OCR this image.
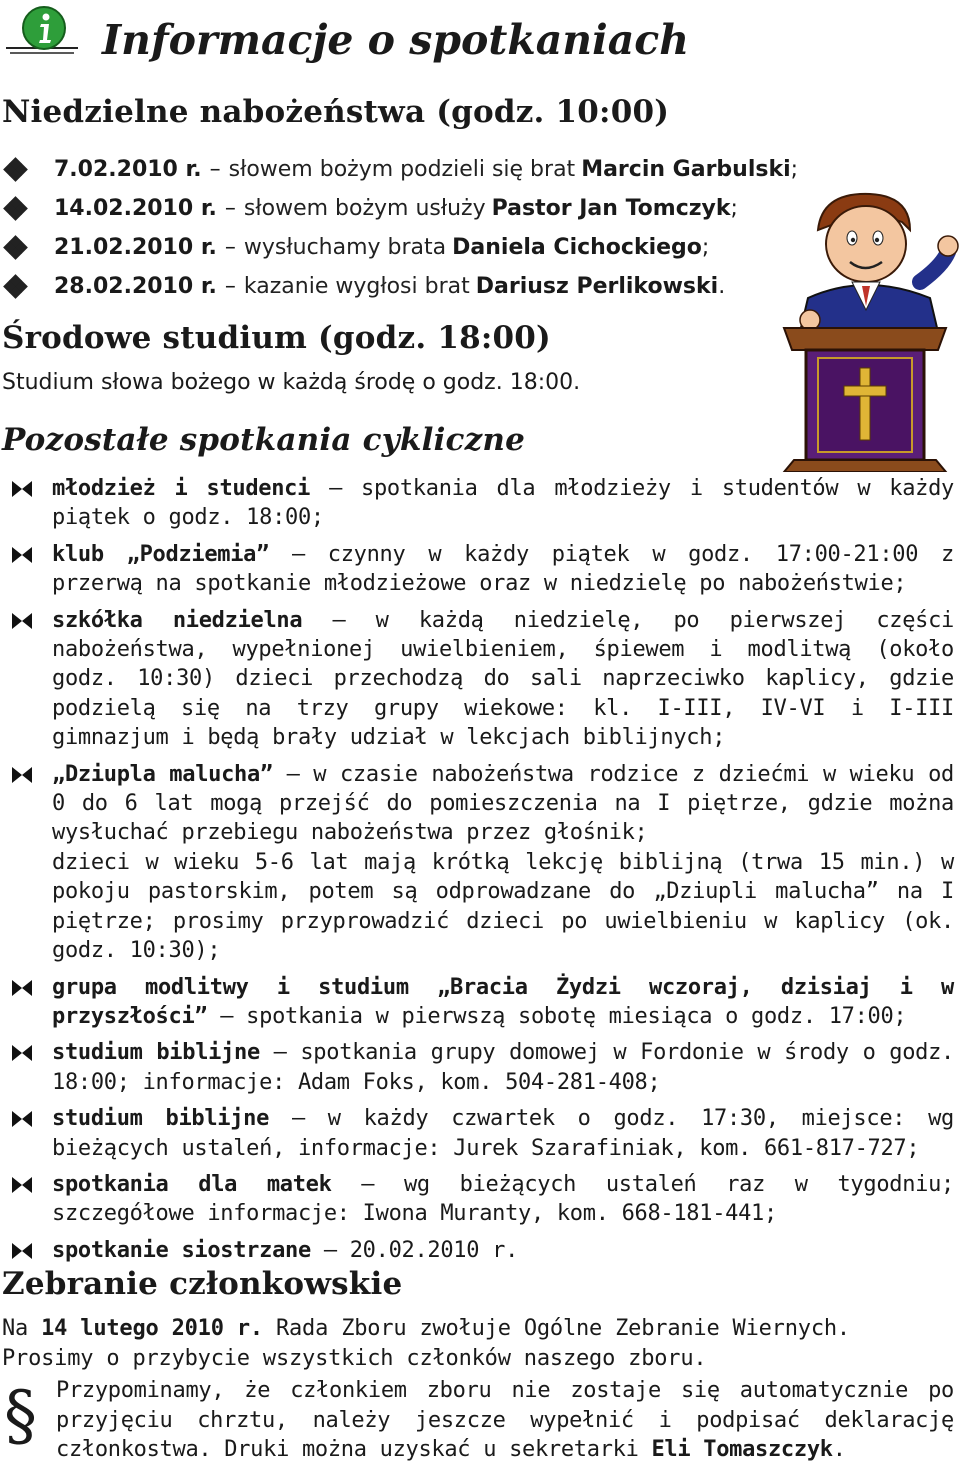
Informacje o spotkaniach
Niedzielne nabożeństwa (godz. 10:00)
7.02.2010 r. – słowem bożym podzieli się brat Marcin Garbulski ;
14.02.2010 r. – słowem bożym usłuży Pastor Jan Tomczyk ;
21.02.2010 r. – wysłuchamy brata Daniela Cichockiego ;
28.02.2010 r. – kazanie wygłosi brat Dariusz Perlikowski .
Środowe studium (godz. 18:00)
Studium słowa bożego w każdą środę o godz. 18:00.
Pozostałe spotkania cykliczne
młodzież i studenci – spotkania dla młodzieży i studentów w każdy piątek o godz. 18:00;
klub „Podziemia” – czynny w każdy piątek w godz. 17:00-21:00 z przerwą na spotkanie młodzieżowe oraz w niedzielę po nabożeństwie;
szkółka niedzielna – w każdą niedzielę, po pierwszej części nabożeństwa, wypełnionej uwielbieniem, śpiewem i modlitwą (około godz. 10:30) dzieci przechodzą do sali naprzeciwko kaplicy, gdzie podzielą się na trzy grupy wiekowe: kl. I-III, IV-VI i I-III gimnazjum i będą brały udział w lekcjach biblijnych;
„Dziupla malucha” – w czasie nabożeństwa rodzice z dziećmi w wieku od 0 do 6 lat mogą przejść do pomieszczenia na I piętrze, gdzie można wysłuchać przebiegu nabożeństwa przez głośnik;
dzieci w wieku 5-6 lat mają krótką lekcję biblijną (trwa 15 min.) w pokoju pastorskim, potem są odprowadzane do „Dziupli malucha” na I piętrze; prosimy przyprowadzić dzieci po uwielbieniu w kaplicy (ok. godz. 10:30);
grupa modlitwy i studium „Bracia Żydzi wczoraj, dzisiaj i w przyszłości” – spotkania w pierwszą sobotę miesiąca o godz. 17:00;
studium biblijne – spotkania grupy domowej w Fordonie w środy o godz. 18:00; informacje: Adam Foks, kom. 504-281-408;
studium biblijne – w każdy czwartek o godz. 17:30, miejsce: wg bieżących ustaleń, informacje: Jurek Szarafiniak, kom. 661-817-727;
spotkania dla matek – wg bieżących ustaleń raz w tygodniu; szczegółowe informacje: Iwona Muranty, kom. 668-181-441;
spotkanie siostrzane – 20.02.2010 r.
Zebranie członkowskie
Na 14 lutego 2010 r. Rada Zboru zwołuje Ogólne Zebranie Wiernych. Prosimy o przybycie wszystkich członków naszego zboru.
§ Przypominamy, że członkiem zboru nie zostaje się automatycznie po przyjęciu chrztu, należy jeszcze wypełnić i podpisać deklarację członkostwa. Druki można uzyskać u sekretarki Eli Tomaszczyk.
